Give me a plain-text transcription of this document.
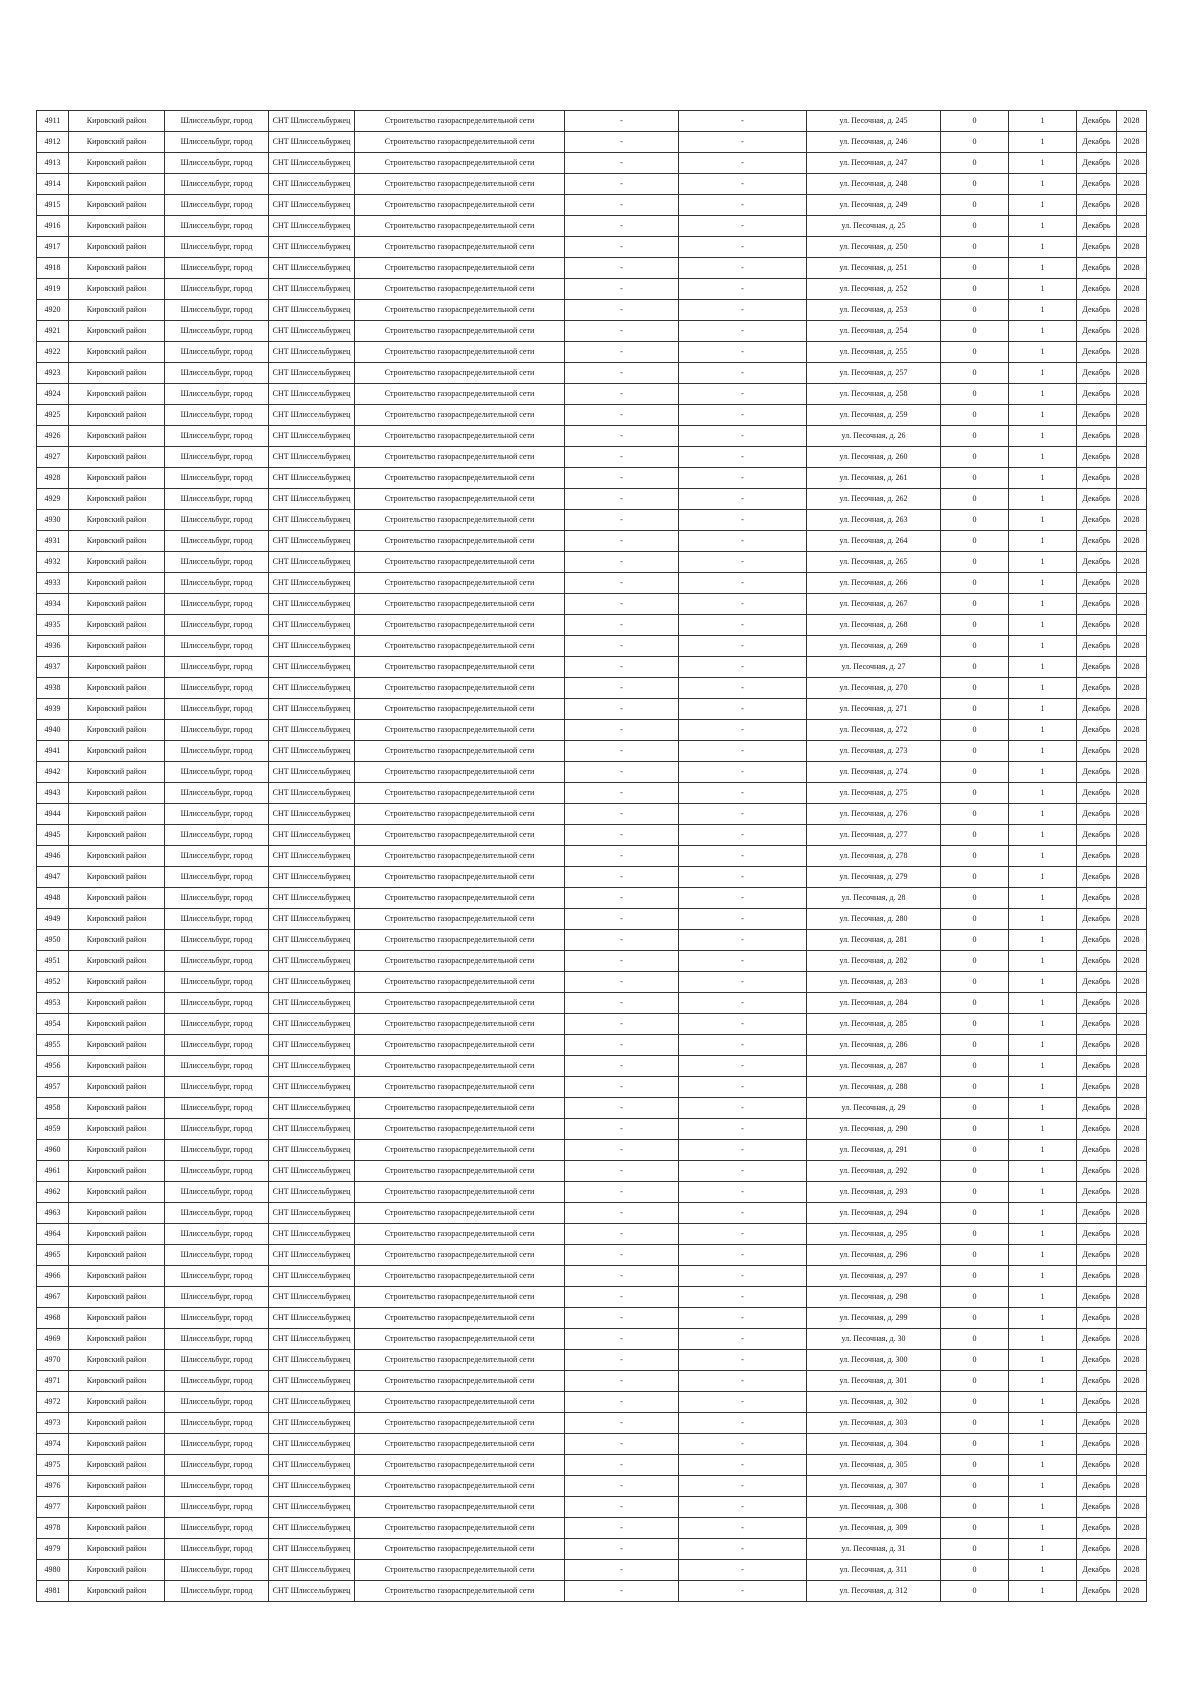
4911	Кировский район	Шлиссельбург, город	СНТ Шлиссельбуржец	Строительство газораспределительной сети	-	-	ул. Песочная, д. 245	0	1	Декабрь	2028
4912	Кировский район	Шлиссельбург, город	СНТ Шлиссельбуржец	Строительство газораспределительной сети	-	-	ул. Песочная, д. 246	0	1	Декабрь	2028
4913	Кировский район	Шлиссельбург, город	СНТ Шлиссельбуржец	Строительство газораспределительной сети	-	-	ул. Песочная, д. 247	0	1	Декабрь	2028
4914	Кировский район	Шлиссельбург, город	СНТ Шлиссельбуржец	Строительство газораспределительной сети	-	-	ул. Песочная, д. 248	0	1	Декабрь	2028
4915	Кировский район	Шлиссельбург, город	СНТ Шлиссельбуржец	Строительство газораспределительной сети	-	-	ул. Песочная, д. 249	0	1	Декабрь	2028
4916	Кировский район	Шлиссельбург, город	СНТ Шлиссельбуржец	Строительство газораспределительной сети	-	-	ул. Песочная, д. 25	0	1	Декабрь	2028
4917	Кировский район	Шлиссельбург, город	СНТ Шлиссельбуржец	Строительство газораспределительной сети	-	-	ул. Песочная, д. 250	0	1	Декабрь	2028
4918	Кировский район	Шлиссельбург, город	СНТ Шлиссельбуржец	Строительство газораспределительной сети	-	-	ул. Песочная, д. 251	0	1	Декабрь	2028
4919	Кировский район	Шлиссельбург, город	СНТ Шлиссельбуржец	Строительство газораспределительной сети	-	-	ул. Песочная, д. 252	0	1	Декабрь	2028
4920	Кировский район	Шлиссельбург, город	СНТ Шлиссельбуржец	Строительство газораспределительной сети	-	-	ул. Песочная, д. 253	0	1	Декабрь	2028
4921	Кировский район	Шлиссельбург, город	СНТ Шлиссельбуржец	Строительство газораспределительной сети	-	-	ул. Песочная, д. 254	0	1	Декабрь	2028
4922	Кировский район	Шлиссельбург, город	СНТ Шлиссельбуржец	Строительство газораспределительной сети	-	-	ул. Песочная, д. 255	0	1	Декабрь	2028
4923	Кировский район	Шлиссельбург, город	СНТ Шлиссельбуржец	Строительство газораспределительной сети	-	-	ул. Песочная, д. 257	0	1	Декабрь	2028
4924	Кировский район	Шлиссельбург, город	СНТ Шлиссельбуржец	Строительство газораспределительной сети	-	-	ул. Песочная, д. 258	0	1	Декабрь	2028
4925	Кировский район	Шлиссельбург, город	СНТ Шлиссельбуржец	Строительство газораспределительной сети	-	-	ул. Песочная, д. 259	0	1	Декабрь	2028
4926	Кировский район	Шлиссельбург, город	СНТ Шлиссельбуржец	Строительство газораспределительной сети	-	-	ул. Песочная, д. 26	0	1	Декабрь	2028
4927	Кировский район	Шлиссельбург, город	СНТ Шлиссельбуржец	Строительство газораспределительной сети	-	-	ул. Песочная, д. 260	0	1	Декабрь	2028
4928	Кировский район	Шлиссельбург, город	СНТ Шлиссельбуржец	Строительство газораспределительной сети	-	-	ул. Песочная, д. 261	0	1	Декабрь	2028
4929	Кировский район	Шлиссельбург, город	СНТ Шлиссельбуржец	Строительство газораспределительной сети	-	-	ул. Песочная, д. 262	0	1	Декабрь	2028
4930	Кировский район	Шлиссельбург, город	СНТ Шлиссельбуржец	Строительство газораспределительной сети	-	-	ул. Песочная, д. 263	0	1	Декабрь	2028
4931	Кировский район	Шлиссельбург, город	СНТ Шлиссельбуржец	Строительство газораспределительной сети	-	-	ул. Песочная, д. 264	0	1	Декабрь	2028
4932	Кировский район	Шлиссельбург, город	СНТ Шлиссельбуржец	Строительство газораспределительной сети	-	-	ул. Песочная, д. 265	0	1	Декабрь	2028
4933	Кировский район	Шлиссельбург, город	СНТ Шлиссельбуржец	Строительство газораспределительной сети	-	-	ул. Песочная, д. 266	0	1	Декабрь	2028
4934	Кировский район	Шлиссельбург, город	СНТ Шлиссельбуржец	Строительство газораспределительной сети	-	-	ул. Песочная, д. 267	0	1	Декабрь	2028
4935	Кировский район	Шлиссельбург, город	СНТ Шлиссельбуржец	Строительство газораспределительной сети	-	-	ул. Песочная, д. 268	0	1	Декабрь	2028
4936	Кировский район	Шлиссельбург, город	СНТ Шлиссельбуржец	Строительство газораспределительной сети	-	-	ул. Песочная, д. 269	0	1	Декабрь	2028
4937	Кировский район	Шлиссельбург, город	СНТ Шлиссельбуржец	Строительство газораспределительной сети	-	-	ул. Песочная, д. 27	0	1	Декабрь	2028
4938	Кировский район	Шлиссельбург, город	СНТ Шлиссельбуржец	Строительство газораспределительной сети	-	-	ул. Песочная, д. 270	0	1	Декабрь	2028
4939	Кировский район	Шлиссельбург, город	СНТ Шлиссельбуржец	Строительство газораспределительной сети	-	-	ул. Песочная, д. 271	0	1	Декабрь	2028
4940	Кировский район	Шлиссельбург, город	СНТ Шлиссельбуржец	Строительство газораспределительной сети	-	-	ул. Песочная, д. 272	0	1	Декабрь	2028
4941	Кировский район	Шлиссельбург, город	СНТ Шлиссельбуржец	Строительство газораспределительной сети	-	-	ул. Песочная, д. 273	0	1	Декабрь	2028
4942	Кировский район	Шлиссельбург, город	СНТ Шлиссельбуржец	Строительство газораспределительной сети	-	-	ул. Песочная, д. 274	0	1	Декабрь	2028
4943	Кировский район	Шлиссельбург, город	СНТ Шлиссельбуржец	Строительство газораспределительной сети	-	-	ул. Песочная, д. 275	0	1	Декабрь	2028
4944	Кировский район	Шлиссельбург, город	СНТ Шлиссельбуржец	Строительство газораспределительной сети	-	-	ул. Песочная, д. 276	0	1	Декабрь	2028
4945	Кировский район	Шлиссельбург, город	СНТ Шлиссельбуржец	Строительство газораспределительной сети	-	-	ул. Песочная, д. 277	0	1	Декабрь	2028
4946	Кировский район	Шлиссельбург, город	СНТ Шлиссельбуржец	Строительство газораспределительной сети	-	-	ул. Песочная, д. 278	0	1	Декабрь	2028
4947	Кировский район	Шлиссельбург, город	СНТ Шлиссельбуржец	Строительство газораспределительной сети	-	-	ул. Песочная, д. 279	0	1	Декабрь	2028
4948	Кировский район	Шлиссельбург, город	СНТ Шлиссельбуржец	Строительство газораспределительной сети	-	-	ул. Песочная, д. 28	0	1	Декабрь	2028
4949	Кировский район	Шлиссельбург, город	СНТ Шлиссельбуржец	Строительство газораспределительной сети	-	-	ул. Песочная, д. 280	0	1	Декабрь	2028
4950	Кировский район	Шлиссельбург, город	СНТ Шлиссельбуржец	Строительство газораспределительной сети	-	-	ул. Песочная, д. 281	0	1	Декабрь	2028
4951	Кировский район	Шлиссельбург, город	СНТ Шлиссельбуржец	Строительство газораспределительной сети	-	-	ул. Песочная, д. 282	0	1	Декабрь	2028
4952	Кировский район	Шлиссельбург, город	СНТ Шлиссельбуржец	Строительство газораспределительной сети	-	-	ул. Песочная, д. 283	0	1	Декабрь	2028
4953	Кировский район	Шлиссельбург, город	СНТ Шлиссельбуржец	Строительство газораспределительной сети	-	-	ул. Песочная, д. 284	0	1	Декабрь	2028
4954	Кировский район	Шлиссельбург, город	СНТ Шлиссельбуржец	Строительство газораспределительной сети	-	-	ул. Песочная, д. 285	0	1	Декабрь	2028
4955	Кировский район	Шлиссельбург, город	СНТ Шлиссельбуржец	Строительство газораспределительной сети	-	-	ул. Песочная, д. 286	0	1	Декабрь	2028
4956	Кировский район	Шлиссельбург, город	СНТ Шлиссельбуржец	Строительство газораспределительной сети	-	-	ул. Песочная, д. 287	0	1	Декабрь	2028
4957	Кировский район	Шлиссельбург, город	СНТ Шлиссельбуржец	Строительство газораспределительной сети	-	-	ул. Песочная, д. 288	0	1	Декабрь	2028
4958	Кировский район	Шлиссельбург, город	СНТ Шлиссельбуржец	Строительство газораспределительной сети	-	-	ул. Песочная, д. 29	0	1	Декабрь	2028
4959	Кировский район	Шлиссельбург, город	СНТ Шлиссельбуржец	Строительство газораспределительной сети	-	-	ул. Песочная, д. 290	0	1	Декабрь	2028
4960	Кировский район	Шлиссельбург, город	СНТ Шлиссельбуржец	Строительство газораспределительной сети	-	-	ул. Песочная, д. 291	0	1	Декабрь	2028
4961	Кировский район	Шлиссельбург, город	СНТ Шлиссельбуржец	Строительство газораспределительной сети	-	-	ул. Песочная, д. 292	0	1	Декабрь	2028
4962	Кировский район	Шлиссельбург, город	СНТ Шлиссельбуржец	Строительство газораспределительной сети	-	-	ул. Песочная, д. 293	0	1	Декабрь	2028
4963	Кировский район	Шлиссельбург, город	СНТ Шлиссельбуржец	Строительство газораспределительной сети	-	-	ул. Песочная, д. 294	0	1	Декабрь	2028
4964	Кировский район	Шлиссельбург, город	СНТ Шлиссельбуржец	Строительство газораспределительной сети	-	-	ул. Песочная, д. 295	0	1	Декабрь	2028
4965	Кировский район	Шлиссельбург, город	СНТ Шлиссельбуржец	Строительство газораспределительной сети	-	-	ул. Песочная, д. 296	0	1	Декабрь	2028
4966	Кировский район	Шлиссельбург, город	СНТ Шлиссельбуржец	Строительство газораспределительной сети	-	-	ул. Песочная, д. 297	0	1	Декабрь	2028
4967	Кировский район	Шлиссельбург, город	СНТ Шлиссельбуржец	Строительство газораспределительной сети	-	-	ул. Песочная, д. 298	0	1	Декабрь	2028
4968	Кировский район	Шлиссельбург, город	СНТ Шлиссельбуржец	Строительство газораспределительной сети	-	-	ул. Песочная, д. 299	0	1	Декабрь	2028
4969	Кировский район	Шлиссельбург, город	СНТ Шлиссельбуржец	Строительство газораспределительной сети	-	-	ул. Песочная, д. 30	0	1	Декабрь	2028
4970	Кировский район	Шлиссельбург, город	СНТ Шлиссельбуржец	Строительство газораспределительной сети	-	-	ул. Песочная, д. 300	0	1	Декабрь	2028
4971	Кировский район	Шлиссельбург, город	СНТ Шлиссельбуржец	Строительство газораспределительной сети	-	-	ул. Песочная, д. 301	0	1	Декабрь	2028
4972	Кировский район	Шлиссельбург, город	СНТ Шлиссельбуржец	Строительство газораспределительной сети	-	-	ул. Песочная, д. 302	0	1	Декабрь	2028
4973	Кировский район	Шлиссельбург, город	СНТ Шлиссельбуржец	Строительство газораспределительной сети	-	-	ул. Песочная, д. 303	0	1	Декабрь	2028
4974	Кировский район	Шлиссельбург, город	СНТ Шлиссельбуржец	Строительство газораспределительной сети	-	-	ул. Песочная, д. 304	0	1	Декабрь	2028
4975	Кировский район	Шлиссельбург, город	СНТ Шлиссельбуржец	Строительство газораспределительной сети	-	-	ул. Песочная, д. 305	0	1	Декабрь	2028
4976	Кировский район	Шлиссельбург, город	СНТ Шлиссельбуржец	Строительство газораспределительной сети	-	-	ул. Песочная, д. 307	0	1	Декабрь	2028
4977	Кировский район	Шлиссельбург, город	СНТ Шлиссельбуржец	Строительство газораспределительной сети	-	-	ул. Песочная, д. 308	0	1	Декабрь	2028
4978	Кировский район	Шлиссельбург, город	СНТ Шлиссельбуржец	Строительство газораспределительной сети	-	-	ул. Песочная, д. 309	0	1	Декабрь	2028
4979	Кировский район	Шлиссельбург, город	СНТ Шлиссельбуржец	Строительство газораспределительной сети	-	-	ул. Песочная, д. 31	0	1	Декабрь	2028
4980	Кировский район	Шлиссельбург, город	СНТ Шлиссельбуржец	Строительство газораспределительной сети	-	-	ул. Песочная, д. 311	0	1	Декабрь	2028
4981	Кировский район	Шлиссельбург, город	СНТ Шлиссельбуржец	Строительство газораспределительной сети	-	-	ул. Песочная, д. 312	0	1	Декабрь	2028
